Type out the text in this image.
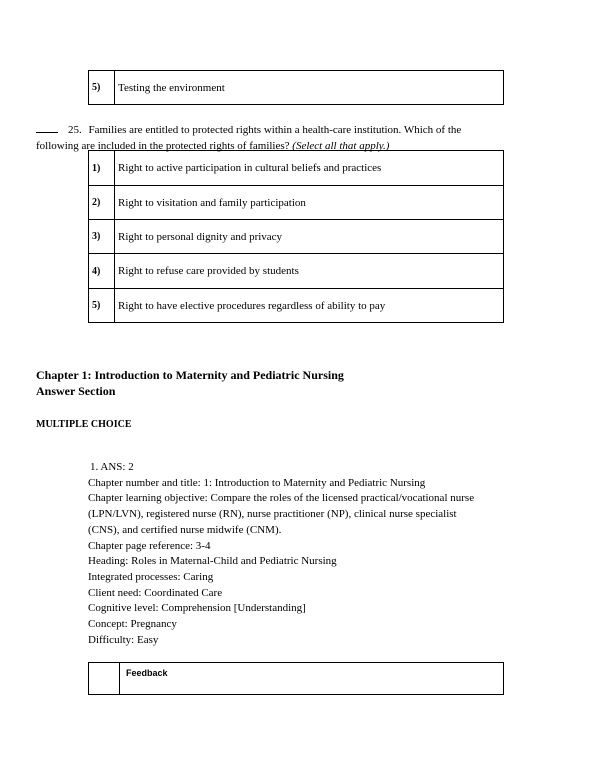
5)	Testing the environment
25. Families are entitled to protected rights within a health-care institution. Which of the following are included in the protected rights of families? (Select all that apply.)
1)	Right to active participation in cultural beliefs and practices
2)	Right to visitation and family participation
3)	Right to personal dignity and privacy
4)	Right to refuse care provided by students
5)	Right to have elective procedures regardless of ability to pay
Chapter 1: Introduction to Maternity and Pediatric Nursing
Answer Section
MULTIPLE CHOICE
1. ANS: 2
Chapter number and title: 1: Introduction to Maternity and Pediatric Nursing
Chapter learning objective: Compare the roles of the licensed practical/vocational nurse
(LPN/LVN), registered nurse (RN), nurse practitioner (NP), clinical nurse specialist
(CNS), and certified nurse midwife (CNM).
Chapter page reference: 3-4
Heading: Roles in Maternal-Child and Pediatric Nursing
Integrated processes: Caring
Client need: Coordinated Care
Cognitive level: Comprehension [Understanding]
Concept: Pregnancy
Difficulty: Easy
	Feedback
